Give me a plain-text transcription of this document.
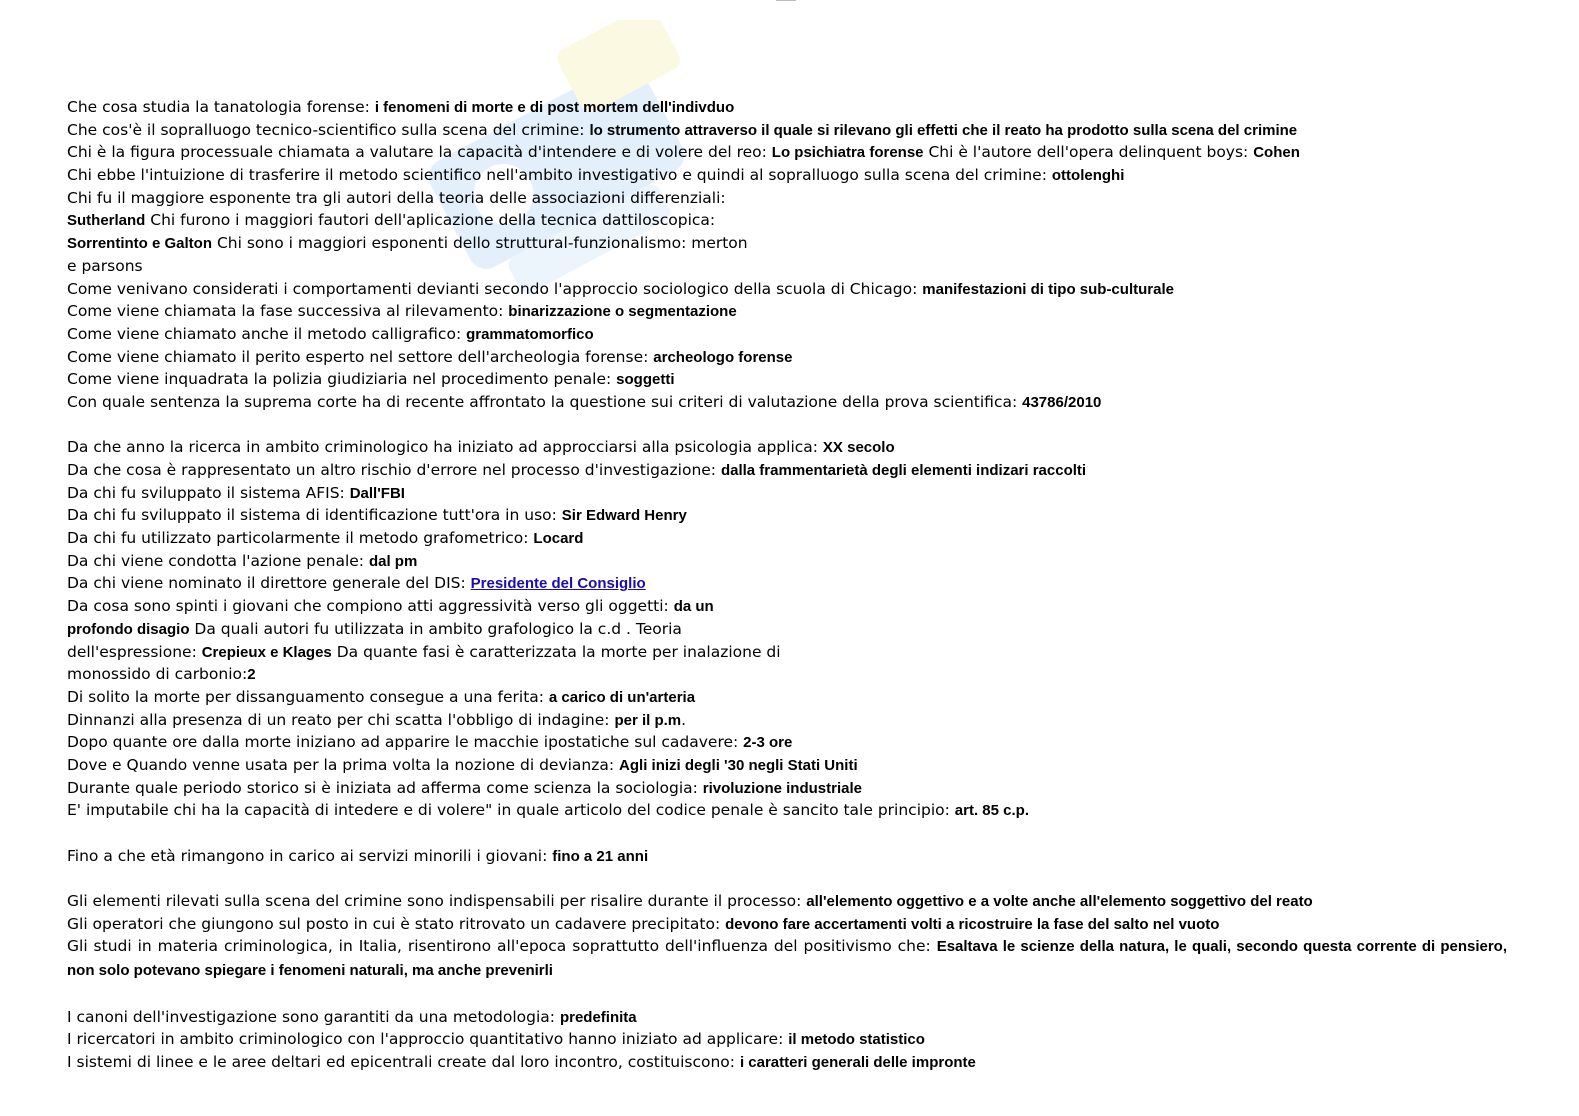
Che cosa studia la tanatologia forense: i fenomeni di morte e di post mortem dell'indivduo
Che cos'è il sopralluogo tecnico-scientifico sulla scena del crimine: lo strumento attraverso il quale si rilevano gli effetti che il reato ha prodotto sulla scena del crimine
Chi è la figura processuale chiamata a valutare la capacità d'intendere e di volere del reo: Lo psichiatra forense Chi è l'autore dell'opera delinquent boys: Cohen
Chi ebbe l'intuizione di trasferire il metodo scientifico nell'ambito investigativo e quindi al sopralluogo sulla scena del crimine: ottolenghi
Chi fu il maggiore esponente tra gli autori della teoria delle associazioni differenziali:
Sutherland Chi furono i maggiori fautori dell'aplicazione della tecnica dattiloscopica:
Sorrentinto e Galton Chi sono i maggiori esponenti dello struttural-funzionalismo: merton
e parsons
Come venivano considerati i comportamenti devianti secondo l'approccio sociologico della scuola di Chicago: manifestazioni di tipo sub-culturale
Come viene chiamata la fase successiva al rilevamento: binarizzazione o segmentazione
Come viene chiamato anche il metodo calligrafico: grammatomorfico
Come viene chiamato il perito esperto nel settore dell'archeologia forense: archeologo forense
Come viene inquadrata la polizia giudiziaria nel procedimento penale: soggetti
Con quale sentenza la suprema corte ha di recente affrontato la questione sui criteri di valutazione della prova scientifica: 43786/2010
Da che anno la ricerca in ambito criminologico ha iniziato ad approcciarsi alla psicologia applica: XX secolo
Da che cosa è rappresentato un altro rischio d'errore nel processo d'investigazione: dalla frammentarietà degli elementi indizari raccolti
Da chi fu sviluppato il sistema AFIS: Dall'FBI
Da chi fu sviluppato il sistema di identificazione tutt'ora in uso: Sir Edward Henry
Da chi fu utilizzato particolarmente il metodo grafometrico: Locard
Da chi viene condotta l'azione penale: dal pm
Da chi viene nominato il direttore generale del DIS: Presidente del Consiglio
Da cosa sono spinti i giovani che compiono atti aggressività verso gli oggetti: da un
profondo disagio Da quali autori fu utilizzata in ambito grafologico la c.d . Teoria
dell'espressione: Crepieux e Klages Da quante fasi è caratterizzata la morte per inalazione di
monossido di carbonio:2
Di solito la morte per dissanguamento consegue a una ferita: a carico di un'arteria
Dinnanzi alla presenza di un reato per chi scatta l'obbligo di indagine: per il p.m.
Dopo quante ore dalla morte iniziano ad apparire le macchie ipostatiche sul cadavere: 2-3 ore
Dove e Quando venne usata per la prima volta la nozione di devianza: Agli inizi degli '30 negli Stati Uniti
Durante quale periodo storico si è iniziata ad afferma come scienza la sociologia: rivoluzione industriale
E' imputabile chi ha la capacità di intedere e di volere" in quale articolo del codice penale è sancito tale principio: art. 85 c.p.
Fino a che età rimangono in carico ai servizi minorili i giovani: fino a 21 anni
Gli elementi rilevati sulla scena del crimine sono indispensabili per risalire durante il processo: all'elemento oggettivo e a volte anche all'elemento soggettivo del reato
Gli operatori che giungono sul posto in cui è stato ritrovato un cadavere precipitato: devono fare accertamenti volti a ricostruire la fase del salto nel vuoto
Gli studi in materia criminologica, in Italia, risentirono all'epoca soprattutto dell'influenza del positivismo che: Esaltava le scienze della natura, le quali, secondo questa corrente di pensiero, non solo potevano spiegare i fenomeni naturali, ma anche prevenirli
I canoni dell'investigazione sono garantiti da una metodologia: predefinita
I ricercatori in ambito criminologico con l'approccio quantitativo hanno iniziato ad applicare: il metodo statistico
I sistemi di linee e le aree deltari ed epicentrali create dal loro incontro, costituiscono: i caratteri generali delle impronte
